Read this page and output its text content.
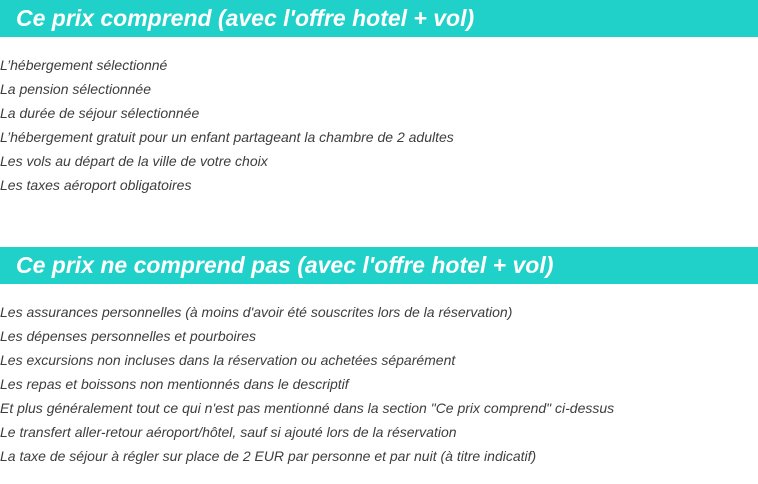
Ce prix comprend (avec l'offre hotel + vol)
L’hébergement sélectionné
La pension sélectionnée
La durée de séjour sélectionnée
L’hébergement gratuit pour un enfant partageant la chambre de 2 adultes
Les vols au départ de la ville de votre choix
Les taxes aéroport obligatoires
Ce prix ne comprend pas (avec l'offre hotel + vol)
Les assurances personnelles (à moins d'avoir été souscrites lors de la réservation)
Les dépenses personnelles et pourboires
Les excursions non incluses dans la réservation ou achetées séparément
Les repas et boissons non mentionnés dans le descriptif
Et plus généralement tout ce qui n'est pas mentionné dans la section "Ce prix comprend" ci-dessus
Le transfert aller-retour aéroport/hôtel, sauf si ajouté lors de la réservation
La taxe de séjour à régler sur place de 2 EUR par personne et par nuit (à titre indicatif)
